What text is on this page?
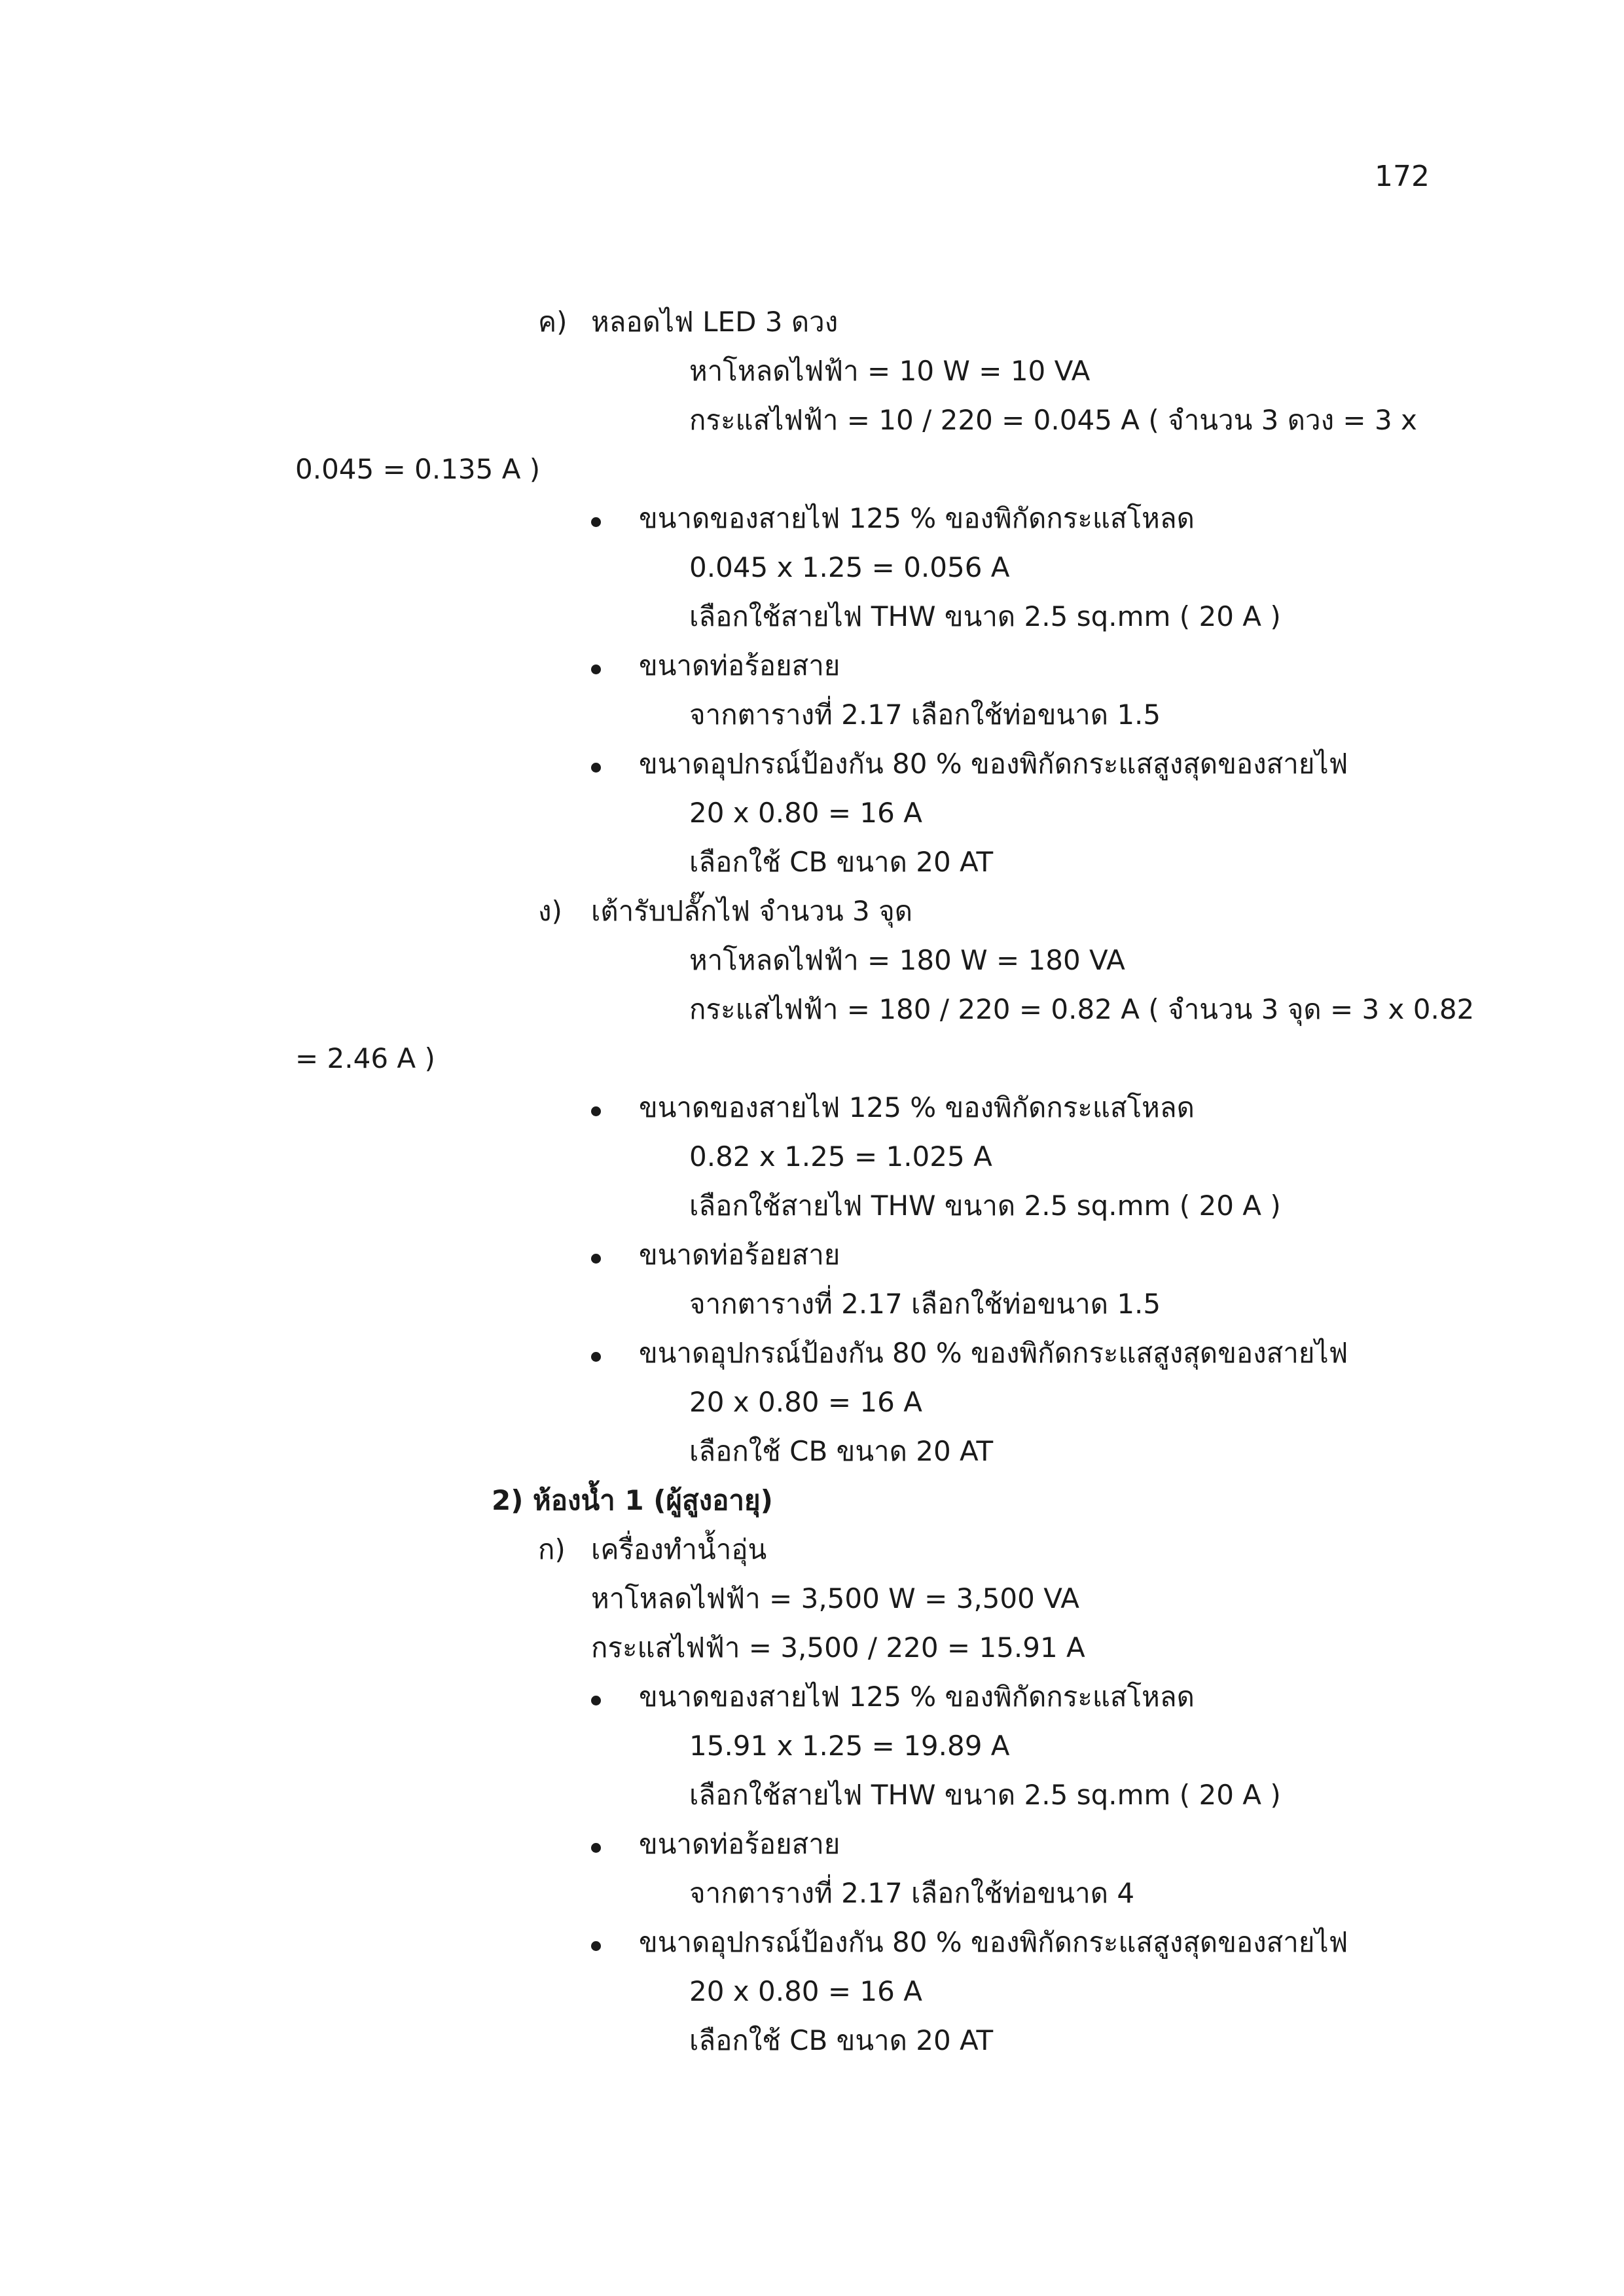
172
ค) หลอดไฟ LED 3 ดวง
หาโหลดไฟฟ้า = 10 W = 10 VA
กระแสไฟฟ้า = 10 / 220 = 0.045 A ( จำนวน 3 ดวง = 3 x
0.045 = 0.135 A )
ขนาดของสายไฟ 125 % ของพิกัดกระแสโหลด
0.045 x 1.25 = 0.056 A
เลือกใช้สายไฟ THW ขนาด 2.5 sq.mm ( 20 A )
ขนาดท่อร้อยสาย
จากตารางที่ 2.17 เลือกใช้ท่อขนาด 1.5
ขนาดอุปกรณ์ป้องกัน 80 % ของพิกัดกระแสสูงสุดของสายไฟ
20 x 0.80 = 16 A
เลือกใช้ CB ขนาด 20 AT
ง) เต้ารับปลั๊กไฟ จำนวน 3 จุด
หาโหลดไฟฟ้า = 180 W = 180 VA
กระแสไฟฟ้า = 180 / 220 = 0.82 A ( จำนวน 3 จุด = 3 x 0.82
= 2.46 A )
ขนาดของสายไฟ 125 % ของพิกัดกระแสโหลด
0.82 x 1.25 = 1.025 A
เลือกใช้สายไฟ THW ขนาด 2.5 sq.mm ( 20 A )
ขนาดท่อร้อยสาย
จากตารางที่ 2.17 เลือกใช้ท่อขนาด 1.5
ขนาดอุปกรณ์ป้องกัน 80 % ของพิกัดกระแสสูงสุดของสายไฟ
20 x 0.80 = 16 A
เลือกใช้ CB ขนาด 20 AT
2) ห้องน้ำ 1 (ผู้สูงอายุ)
ก) เครื่องทำน้ำอุ่น
หาโหลดไฟฟ้า = 3,500 W = 3,500 VA
กระแสไฟฟ้า = 3,500 / 220 = 15.91 A
ขนาดของสายไฟ 125 % ของพิกัดกระแสโหลด
15.91 x 1.25 = 19.89 A
เลือกใช้สายไฟ THW ขนาด 2.5 sq.mm ( 20 A )
ขนาดท่อร้อยสาย
จากตารางที่ 2.17 เลือกใช้ท่อขนาด 4
ขนาดอุปกรณ์ป้องกัน 80 % ของพิกัดกระแสสูงสุดของสายไฟ
20 x 0.80 = 16 A
เลือกใช้ CB ขนาด 20 AT
